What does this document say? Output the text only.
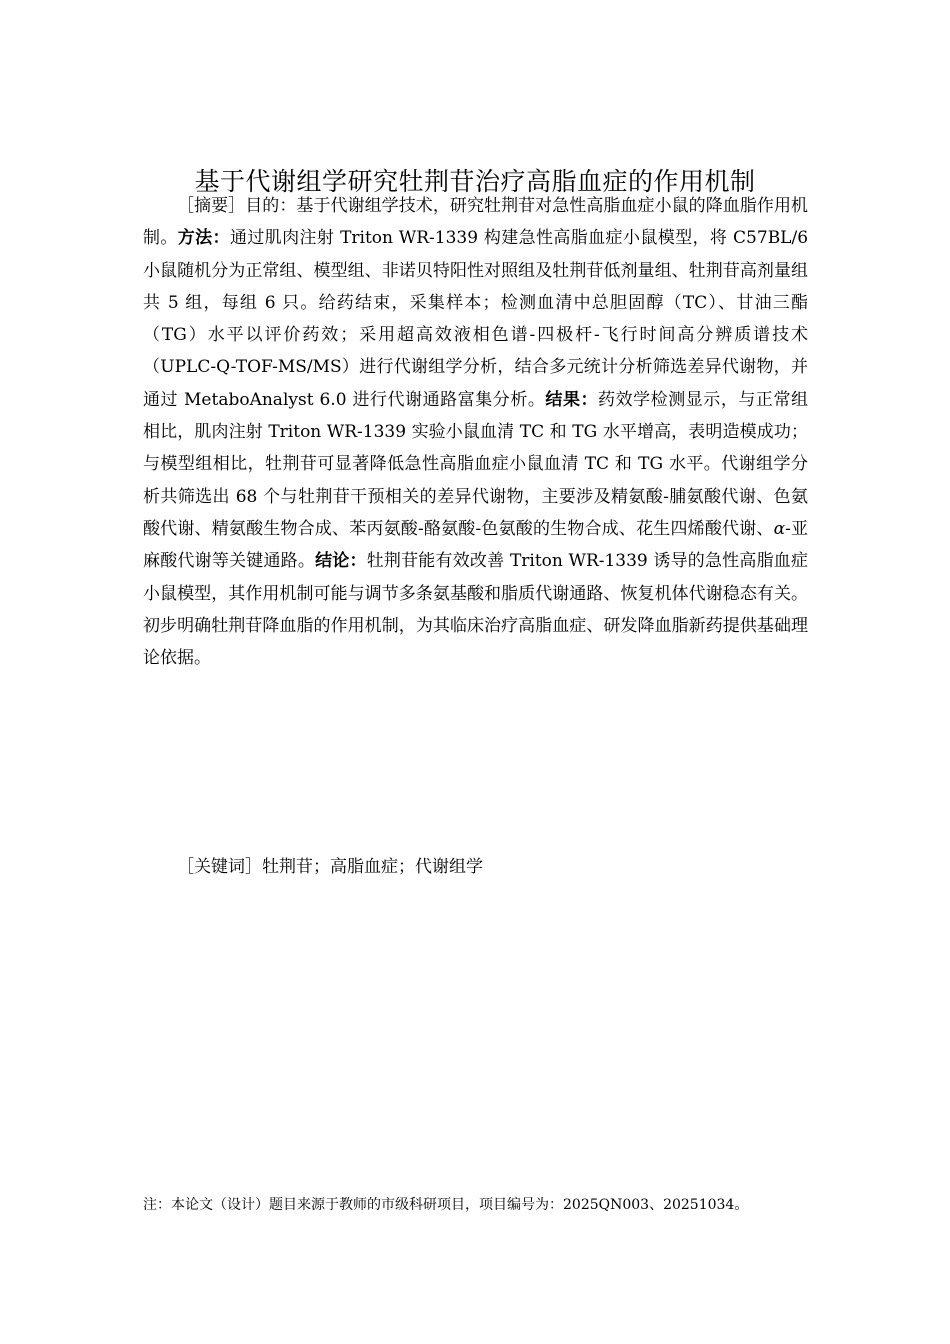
基于代谢组学研究牡荆苷治疗高脂血症的作用机制
［摘要］目的：基于代谢组学技术，研究牡荆苷对急性高脂血症小鼠的降血脂作用机制。方法：通过肌肉注射 Triton WR-1339 构建急性高脂血症小鼠模型，将 C57BL/6 小鼠随机分为正常组、模型组、非诺贝特阳性对照组及牡荆苷低剂量组、牡荆苷高剂量组共 5 组，每组 6 只。给药结束，采集样本；检测血清中总胆固醇（TC）、甘油三酯（TG）水平以评价药效；采用超高效液相色谱-四极杆-飞行时间高分辨质谱技术（UPLC-Q-TOF-MS/MS）进行代谢组学分析，结合多元统计分析筛选差异代谢物，并通过 MetaboAnalyst 6.0 进行代谢通路富集分析。结果：药效学检测显示，与正常组相比，肌肉注射 Triton WR-1339 实验小鼠血清 TC 和 TG 水平增高，表明造模成功；与模型组相比，牡荆苷可显著降低急性高脂血症小鼠血清 TC 和 TG 水平。代谢组学分析共筛选出 68 个与牡荆苷干预相关的差异代谢物，主要涉及精氨酸-脯氨酸代谢、色氨酸代谢、精氨酸生物合成、苯丙氨酸-酪氨酸-色氨酸的生物合成、花生四烯酸代谢、α-亚麻酸代谢等关键通路。结论：牡荆苷能有效改善 Triton WR-1339 诱导的急性高脂血症小鼠模型，其作用机制可能与调节多条氨基酸和脂质代谢通路、恢复机体代谢稳态有关。初步明确牡荆苷降血脂的作用机制，为其临床治疗高脂血症、研发降血脂新药提供基础理论依据。
［关键词］牡荆苷；高脂血症；代谢组学
注：本论文（设计）题目来源于教师的市级科研项目，项目编号为：2025QN003、20251034。
